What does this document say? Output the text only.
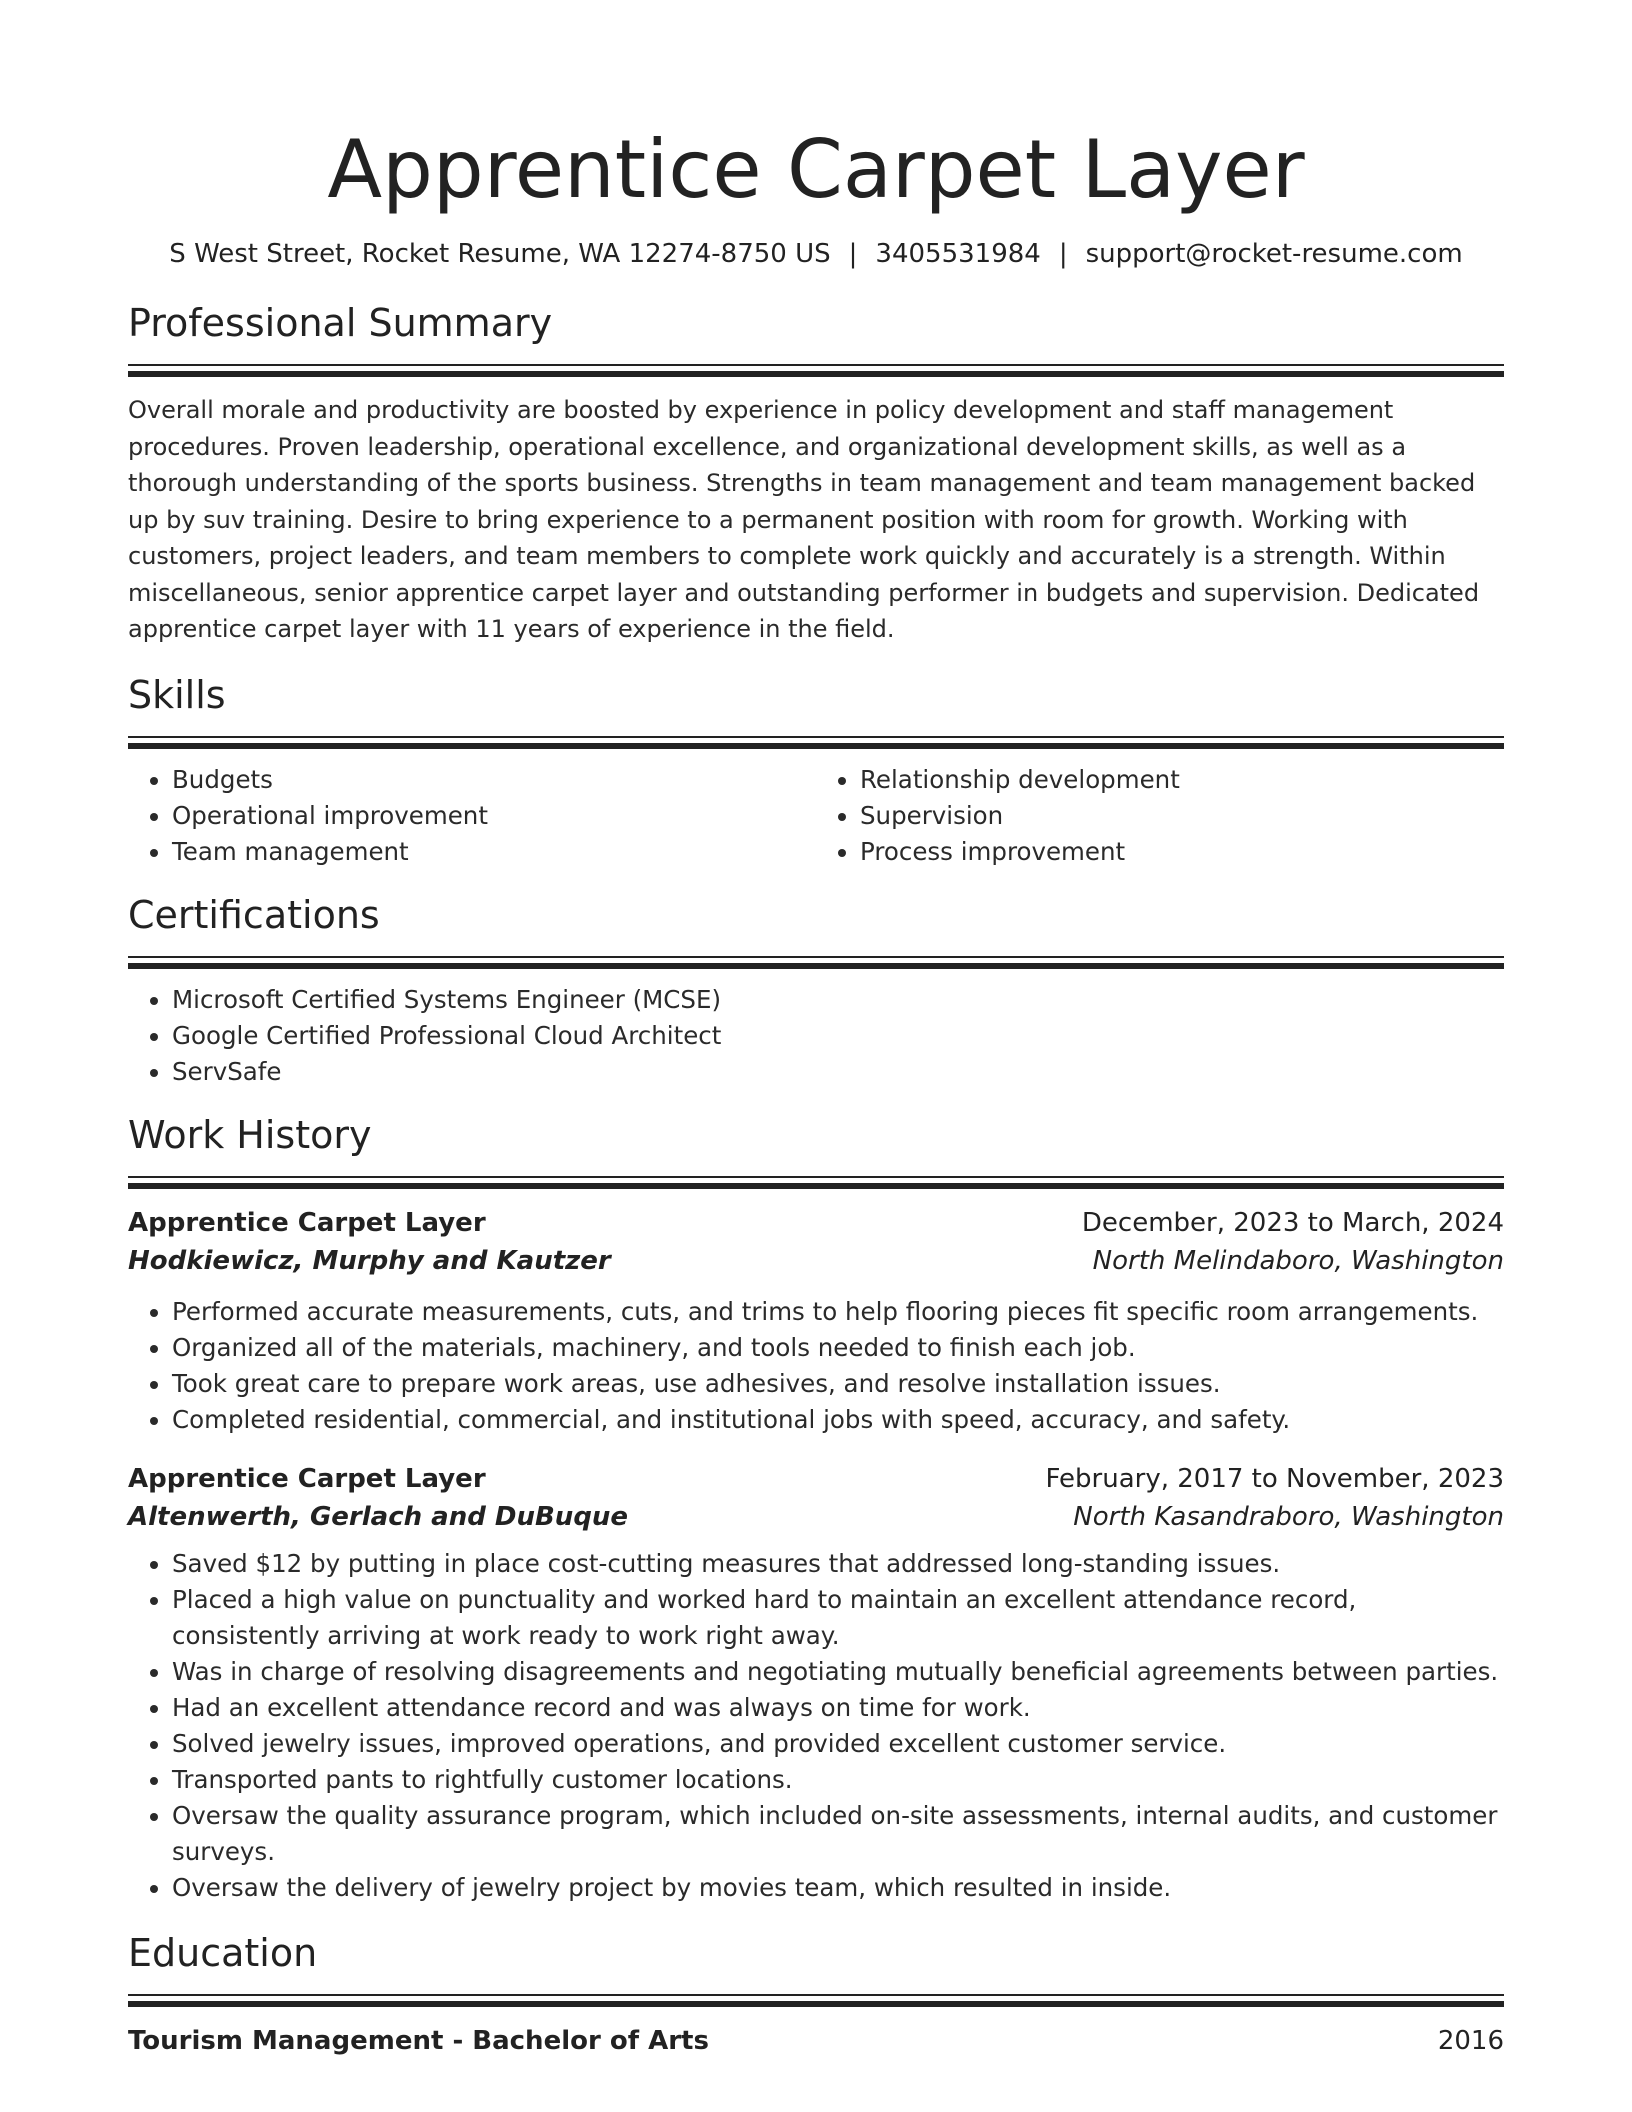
Apprentice Carpet Layer
S West Street, Rocket Resume, WA 12274-8750 US | 3405531984 | support@rocket-resume.com
Professional Summary
Overall morale and productivity are boosted by experience in policy development and staff management procedures. Proven leadership, operational excellence, and organizational development skills, as well as a thorough understanding of the sports business. Strengths in team management and team management backed up by suv training. Desire to bring experience to a permanent position with room for growth. Working with customers, project leaders, and team members to complete work quickly and accurately is a strength. Within miscellaneous, senior apprentice carpet layer and outstanding performer in budgets and supervision. Dedicated apprentice carpet layer with 11 years of experience in the field.
Skills
• Budgets
• Operational improvement
• Team management
• Relationship development
• Supervision
• Process improvement
Certifications
• Microsoft Certified Systems Engineer (MCSE)
• Google Certified Professional Cloud Architect
• ServSafe
Work History
Apprentice Carpet Layer	December, 2023 to March, 2024
Hodkiewicz, Murphy and Kautzer	North Melindaboro, Washington
• Performed accurate measurements, cuts, and trims to help flooring pieces fit specific room arrangements.
• Organized all of the materials, machinery, and tools needed to finish each job.
• Took great care to prepare work areas, use adhesives, and resolve installation issues.
• Completed residential, commercial, and institutional jobs with speed, accuracy, and safety.
Apprentice Carpet Layer	February, 2017 to November, 2023
Altenwerth, Gerlach and DuBuque	North Kasandraboro, Washington
• Saved $12 by putting in place cost-cutting measures that addressed long-standing issues.
• Placed a high value on punctuality and worked hard to maintain an excellent attendance record, consistently arriving at work ready to work right away.
• Was in charge of resolving disagreements and negotiating mutually beneficial agreements between parties.
• Had an excellent attendance record and was always on time for work.
• Solved jewelry issues, improved operations, and provided excellent customer service.
• Transported pants to rightfully customer locations.
• Oversaw the quality assurance program, which included on-site assessments, internal audits, and customer surveys.
• Oversaw the delivery of jewelry project by movies team, which resulted in inside.
Education
Tourism Management - Bachelor of Arts	2016
